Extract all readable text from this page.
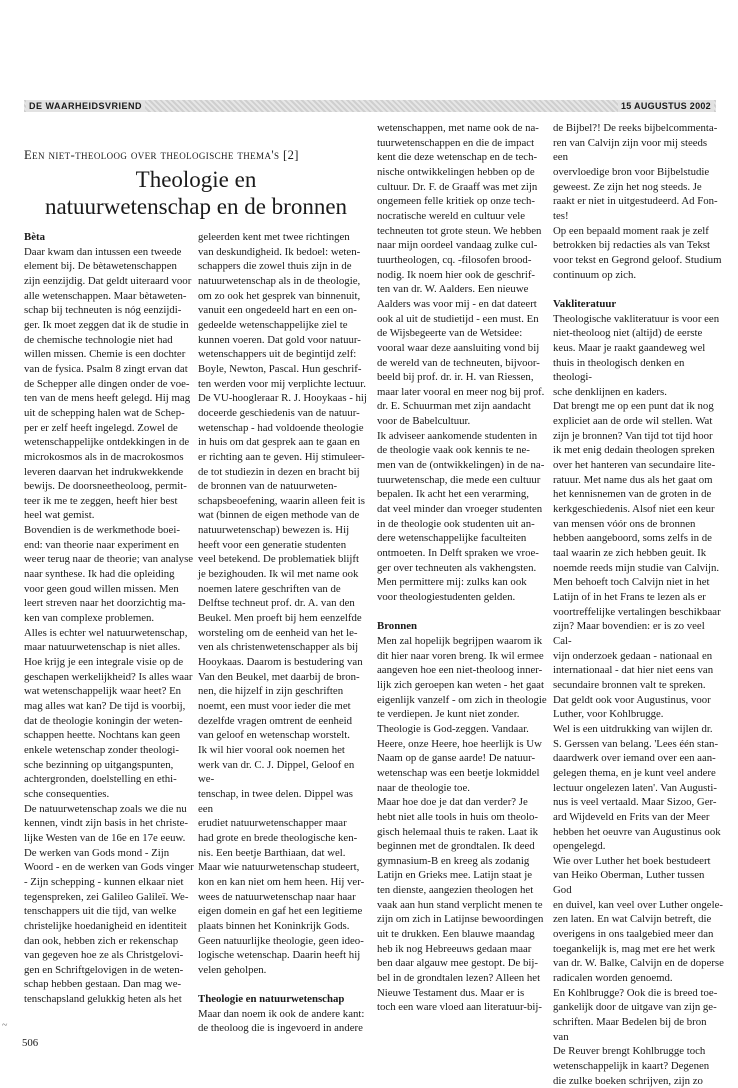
DE WAARHEIDSVRIEND	15 AUGUSTUS 2002
Een niet-theoloog over theologische thema's [2]
Theologie en
natuurwetenschap en de bronnen

Bèta

Daar kwam dan intussen een tweede

element bij. De bètawetenschappen

zijn eenzijdig. Dat geldt uiteraard voor

alle wetenschappen. Maar bètaweten-

schap bij techneuten is nóg eenzijdi-

ger. Ik moet zeggen dat ik de studie in

de chemische technologie niet had

willen missen. Chemie is een dochter

van de fysica. Psalm 8 zingt ervan dat

de Schepper alle dingen onder de voe-

ten van de mens heeft gelegd. Hij mag

uit de schepping halen wat de Schep-

per er zelf heeft ingelegd. Zowel de

wetenschappelijke ontdekkingen in de

microkosmos als in de macrokosmos

leveren daarvan het indrukwekkende

bewijs. De doorsneetheoloog, permit-

teer ik me te zeggen, heeft hier best

heel wat gemist.

Bovendien is de werkmethode boei-

end: van theorie naar experiment en

weer terug naar de theorie; van analyse

naar synthese. Ik had die opleiding

voor geen goud willen missen. Men

leert streven naar het doorzichtig ma-

ken van complexe problemen.

Alles is echter wel natuurwetenschap,

maar natuurwetenschap is niet alles.

Hoe krijg je een integrale visie op de

geschapen werkelijkheid? Is alles waar

wat wetenschappelijk waar heet? En

mag alles wat kan? De tijd is voorbij,

dat de theologie koningin der weten-

schappen heette. Nochtans kan geen

enkele wetenschap zonder theologi-

sche bezinning op uitgangspunten,

achtergronden, doelstelling en ethi-

sche consequenties.

De natuurwetenschap zoals we die nu

kennen, vindt zijn basis in het christe-

lijke Westen van de 16e en 17e eeuw.

De werken van Gods mond - Zijn

Woord - en de werken van Gods vinger

- Zijn schepping - kunnen elkaar niet

tegenspreken, zei Galileo Galileï. We-

tenschappers uit die tijd, van welke

christelijke hoedanigheid en identiteit

dan ook, hebben zich er rekenschap

van gegeven hoe ze als Christgelovi-

gen en Schriftgelovigen in de weten-

schap hebben gestaan. Dan mag we-

tenschapsland gelukkig heten als het

geleerden kent met twee richtingen

van deskundigheid. Ik bedoel: weten-

schappers die zowel thuis zijn in de

natuurwetenschap als in de theologie,

om zo ook het gesprek van binnenuit,

vanuit een ongedeeld hart en een on-

gedeelde wetenschappelijke ziel te

kunnen voeren. Dat gold voor natuur-

wetenschappers uit de begintijd zelf:

Boyle, Newton, Pascal. Hun geschrif-

ten werden voor mij verplichte lectuur.

De VU-hoogleraar R. J. Hooykaas - hij

doceerde geschiedenis van de natuur-

wetenschap - had voldoende theologie

in huis om dat gesprek aan te gaan en

er richting aan te geven. Hij stimuleer-

de tot studiezin in dezen en bracht bij

de bronnen van de natuurweten-

schapsbeoefening, waarin alleen feit is

wat (binnen de eigen methode van de

natuurwetenschap) bewezen is. Hij

heeft voor een generatie studenten

veel betekend. De problematiek blijft

je bezighouden. Ik wil met name ook

noemen latere geschriften van de

Delftse techneut prof. dr. A. van den

Beukel. Men proeft bij hem eenzelfde

worsteling om de eenheid van het le-

ven als christenwetenschapper als bij

Hooykaas. Daarom is bestudering van

Van den Beukel, met daarbij de bron-

nen, die hijzelf in zijn geschriften

noemt, een must voor ieder die met

dezelfde vragen omtrent de eenheid

van geloof en wetenschap worstelt.

Ik wil hier vooral ook noemen het

werk van dr. C. J. Dippel, Geloof en we-

tenschap, in twee delen. Dippel was een

erudiet natuurwetenschapper maar

had grote en brede theologische ken-

nis. Een beetje Barthiaan, dat wel.

Maar wie natuurwetenschap studeert,

kon en kan niet om hem heen. Hij ver-

wees de natuurwetenschap naar haar

eigen domein en gaf het een legitieme

plaats binnen het Koninkrijk Gods.

Geen natuurlijke theologie, geen ideo-

logische wetenschap. Daarin heeft hij

velen geholpen.

Theologie en natuurwetenschap

Maar dan noem ik ook de andere kant:

de theoloog die is ingevoerd in andere

wetenschappen, met name ook de na-

tuurwetenschappen en die de impact

kent die deze wetenschap en de tech-

nische ontwikkelingen hebben op de

cultuur. Dr. F. de Graaff was met zijn

ongemeen felle kritiek op onze tech-

nocratische wereld en cultuur vele

techneuten tot grote steun. We hebben

naar mijn oordeel vandaag zulke cul-

tuurtheologen, cq. -filosofen brood-

nodig. Ik noem hier ook de geschrif-

ten van dr. W. Aalders. Een nieuwe

Aalders was voor mij - en dat dateert

ook al uit de studietijd - een must. En

de Wijsbegeerte van de Wetsidee:

vooral waar deze aansluiting vond bij

de wereld van de techneuten, bijvoor-

beeld bij prof. dr. ir. H. van Riessen,

maar later vooral en meer nog bij prof.

dr. E. Schuurman met zijn aandacht

voor de Babelcultuur.

Ik adviseer aankomende studenten in

de theologie vaak ook kennis te ne-

men van de (ontwikkelingen) in de na-

tuurwetenschap, die mede een cultuur

bepalen. Ik acht het een verarming,

dat veel minder dan vroeger studenten

in de theologie ook studenten uit an-

dere wetenschappelijke faculteiten

ontmoeten. In Delft spraken we vroe-

ger over techneuten als vakhengsten.

Men permittere mij: zulks kan ook

voor theologiestudenten gelden.

Bronnen

Men zal hopelijk begrijpen waarom ik

dit hier naar voren breng. Ik wil ermee

aangeven hoe een niet-theoloog inner-

lijk zich geroepen kan weten - het gaat

eigenlijk vanzelf - om zich in theologie

te verdiepen. Je kunt niet zonder.

Theologie is God-zeggen. Vandaar.

Heere, onze Heere, hoe heerlijk is Uw

Naam op de ganse aarde! De natuur-

wetenschap was een beetje lokmiddel

naar de theologie toe.

Maar hoe doe je dat dan verder? Je

hebt niet alle tools in huis om theolo-

gisch helemaal thuis te raken. Laat ik

beginnen met de grondtalen. Ik deed

gymnasium-B en kreeg als zodanig

Latijn en Grieks mee. Latijn staat je

ten dienste, aangezien theologen het

vaak aan hun stand verplicht menen te

zijn om zich in Latijnse bewoordingen

uit te drukken. Een blauwe maandag

heb ik nog Hebreeuws gedaan maar

ben daar algauw mee gestopt. De bij-

bel in de grondtalen lezen? Alleen het

Nieuwe Testament dus. Maar er is

toch een ware vloed aan literatuur-bij-

de Bijbel?! De reeks bijbelcommenta-

ren van Calvijn zijn voor mij steeds een

overvloedige bron voor Bijbelstudie

geweest. Ze zijn het nog steeds. Je

raakt er niet in uitgestudeerd. Ad Fon-

tes!

Op een bepaald moment raak je zelf

betrokken bij redacties als van Tekst

voor tekst en Gegrond geloof. Studium

continuum op zich.

Vakliteratuur

Theologische vakliteratuur is voor een

niet-theoloog niet (altijd) de eerste

keus. Maar je raakt gaandeweg wel

thuis in theologisch denken en theologi-

sche denklijnen en kaders.

Dat brengt me op een punt dat ik nog

expliciet aan de orde wil stellen. Wat

zijn je bronnen? Van tijd tot tijd hoor

ik met enig dedain theologen spreken

over het hanteren van secundaire lite-

ratuur. Met name dus als het gaat om

het kennisnemen van de groten in de

kerkgeschiedenis. Alsof niet een keur

van mensen vóór ons de bronnen

hebben aangeboord, soms zelfs in de

taal waarin ze zich hebben geuit. Ik

noemde reeds mijn studie van Calvijn.

Men behoeft toch Calvijn niet in het

Latijn of in het Frans te lezen als er

voortreffelijke vertalingen beschikbaar

zijn? Maar bovendien: er is zo veel Cal-

vijn onderzoek gedaan - nationaal en

internationaal - dat hier niet eens van

secundaire bronnen valt te spreken.

Dat geldt ook voor Augustinus, voor

Luther, voor Kohlbrugge.

Wel is een uitdrukking van wijlen dr.

S. Gerssen van belang. 'Lees één stan-

daardwerk over iemand over een aan-

gelegen thema, en je kunt veel andere

lectuur ongelezen laten'. Van Augusti-

nus is veel vertaald. Maar Sizoo, Ger-

ard Wijdeveld en Frits van der Meer

hebben het oeuvre van Augustinus ook

opengelegd.

Wie over Luther het boek bestudeert

van Heiko Oberman, Luther tussen God

en duivel, kan veel over Luther ongele-

zen laten. En wat Calvijn betreft, die

overigens in ons taalgebied meer dan

toegankelijk is, mag met ere het werk

van dr. W. Balke, Calvijn en de doperse

radicalen worden genoemd.

En Kohlbrugge? Ook die is breed toe-

gankelijk door de uitgave van zijn ge-

schriften. Maar Bedelen bij de bron van

De Reuver brengt Kohlbrugge toch

wetenschappelijk in kaart? Degenen

die zulke boeken schrijven, zijn zo

~
506
